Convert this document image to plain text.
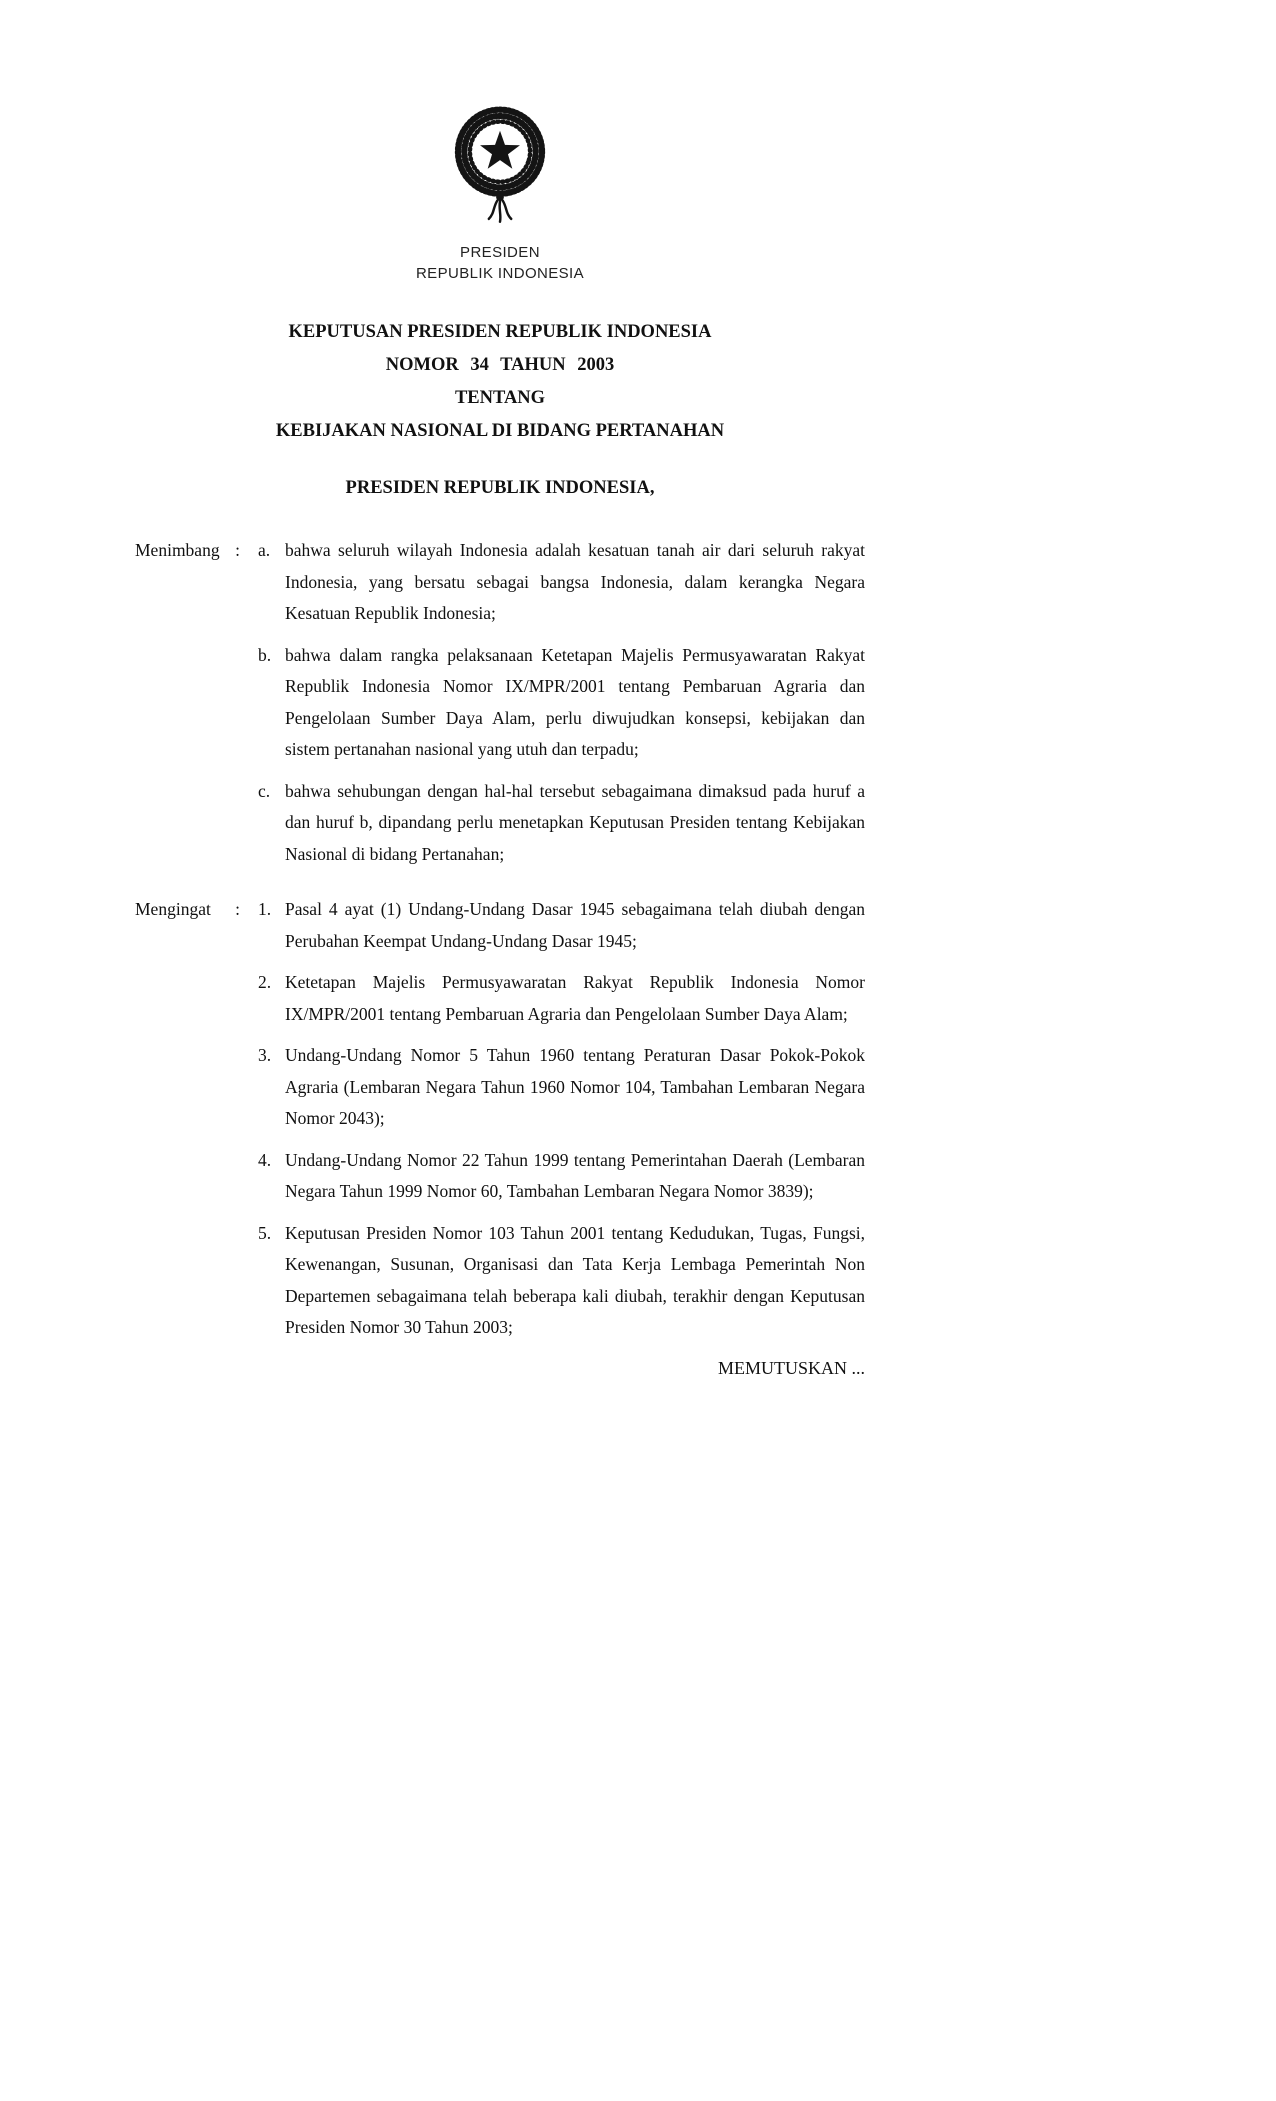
PRESIDEN
REPUBLIK INDONESIA
KEPUTUSAN PRESIDEN REPUBLIK INDONESIA
NOMOR 34 TAHUN 2003
TENTANG
KEBIJAKAN NASIONAL DI BIDANG PERTANAHAN

PRESIDEN REPUBLIK INDONESIA,

Menimbang : a. bahwa seluruh wilayah Indonesia adalah kesatuan tanah air dari seluruh rakyat Indonesia, yang bersatu sebagai bangsa Indonesia, dalam kerangka Negara Kesatuan Republik Indonesia;

b. bahwa dalam rangka pelaksanaan Ketetapan Majelis Permusyawaratan Rakyat Republik Indonesia Nomor IX/MPR/2001 tentang Pembaruan Agraria dan Pengelolaan Sumber Daya Alam, perlu diwujudkan konsepsi, kebijakan dan sistem pertanahan nasional yang utuh dan terpadu;

c. bahwa sehubungan dengan hal-hal tersebut sebagaimana dimaksud pada huruf a dan huruf b, dipandang perlu menetapkan Keputusan Presiden tentang Kebijakan Nasional di bidang Pertanahan;

Mengingat : 1. Pasal 4 ayat (1) Undang-Undang Dasar 1945 sebagaimana telah diubah dengan Perubahan Keempat Undang-Undang Dasar 1945;

2. Ketetapan Majelis Permusyawaratan Rakyat Republik Indonesia Nomor IX/MPR/2001 tentang Pembaruan Agraria dan Pengelolaan Sumber Daya Alam;

3. Undang-Undang Nomor 5 Tahun 1960 tentang Peraturan Dasar Pokok-Pokok Agraria (Lembaran Negara Tahun 1960 Nomor 104, Tambahan Lembaran Negara Nomor 2043);

4. Undang-Undang Nomor 22 Tahun 1999 tentang Pemerintahan Daerah (Lembaran Negara Tahun 1999 Nomor 60, Tambahan Lembaran Negara Nomor 3839);

5. Keputusan Presiden Nomor 103 Tahun 2001 tentang Kedudukan, Tugas, Fungsi, Kewenangan, Susunan, Organisasi dan Tata Kerja Lembaga Pemerintah Non Departemen sebagaimana telah beberapa kali diubah, terakhir dengan Keputusan Presiden Nomor 30 Tahun 2003;

MEMUTUSKAN ...
